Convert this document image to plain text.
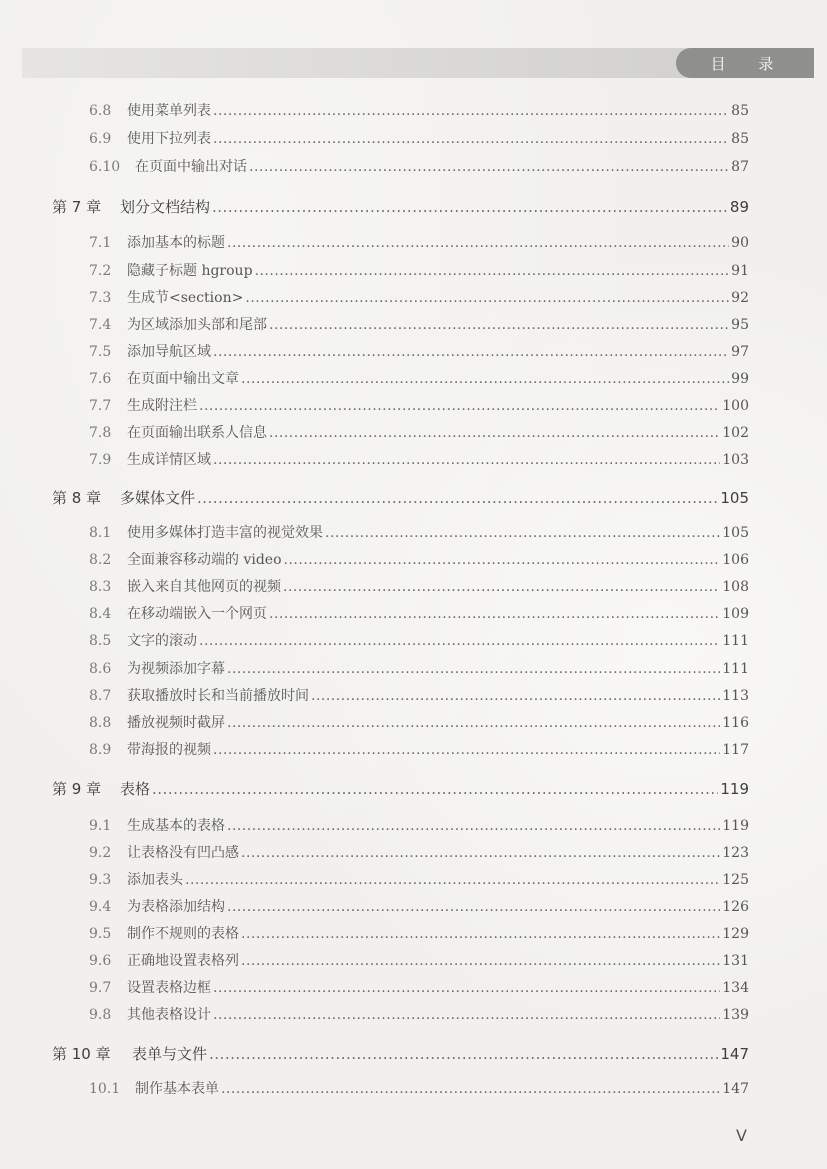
目 录
6.8	使用菜单列表 .....	85
6.9	使用下拉列表 .....	85
6.10	在页面中输出对话 .....	87
第 7 章	划分文档结构 .....	89
7.1	添加基本的标题 .....	90
7.2	隐藏子标题 hgroup .....	91
7.3	生成节<section> .....	92
7.4	为区域添加头部和尾部 .....	95
7.5	添加导航区域 .....	97
7.6	在页面中输出文章 .....	99
7.7	生成附注栏 .....	100
7.8	在页面输出联系人信息 .....	102
7.9	生成详情区域 .....	103
第 8 章	多媒体文件 .....	105
8.1	使用多媒体打造丰富的视觉效果 .....	105
8.2	全面兼容移动端的 video .....	106
8.3	嵌入来自其他网页的视频 .....	108
8.4	在移动端嵌入一个网页 .....	109
8.5	文字的滚动 .....	111
8.6	为视频添加字幕 .....	111
8.7	获取播放时长和当前播放时间 .....	113
8.8	播放视频时截屏 .....	116
8.9	带海报的视频 .....	117
第 9 章	表格 .....	119
9.1	生成基本的表格 .....	119
9.2	让表格没有凹凸感 .....	123
9.3	添加表头 .....	125
9.4	为表格添加结构 .....	126
9.5	制作不规则的表格 .....	129
9.6	正确地设置表格列 .....	131
9.7	设置表格边框 .....	134
9.8	其他表格设计 .....	139
第 10 章	表单与文件 .....	147
10.1	制作基本表单 .....	147
V
